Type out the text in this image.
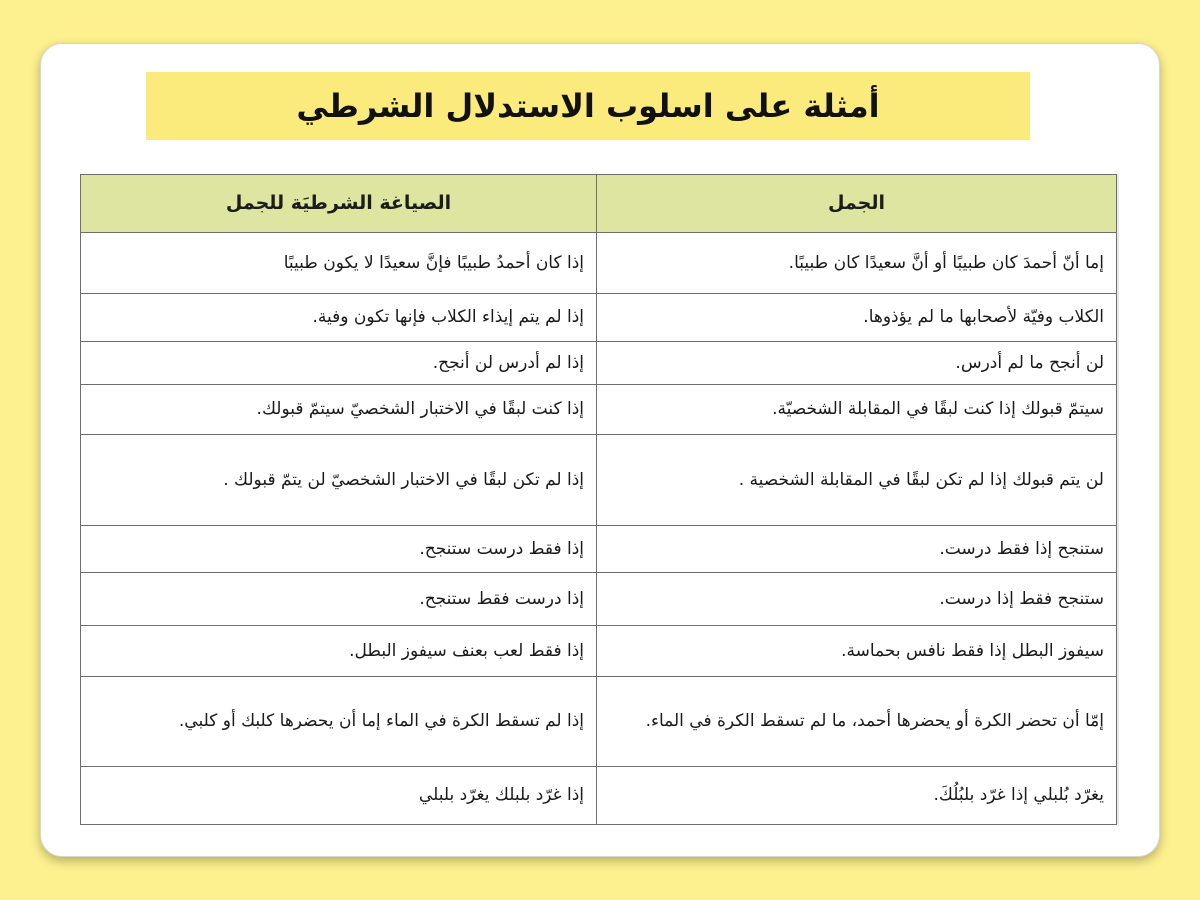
أمثلة على اسلوب الاستدلال الشرطي
الجمل	الصياغة الشرطيَة للجمل
إما أنّ أحمدَ كان طبيبًا أو أنَّ سعيدًا كان طبيبًا.	إذا كان أحمدُ طبيبًا فإنَّ سعيدًا لا يكون طبيبًا
الكلاب وفيّة لأصحابها ما لم يؤذوها.	إذا لم يتم إيذاء الكلاب فإنها تكون وفية.
لن أنجح ما لم أدرس.	إذا لم أدرس لن أنجح.
سيتمّ قبولك إذا كنت لبقًا في المقابلة الشخصيّة.	إذا كنت لبقًا في الاختبار الشخصيّ سيتمّ قبولك.
لن يتم قبولك إذا لم تكن لبقًا في المقابلة الشخصية .	إذا لم تكن لبقًا في الاختبار الشخصيّ لن يتمّ قبولك .
ستنجح إذا فقط درست.	إذا فقط درست ستنجح.
ستنجح فقط إذا درست.	إذا درست فقط ستنجح.
سيفوز البطل إذا فقط نافس بحماسة.	إذا فقط لعب بعنف سيفوز البطل.
إمّا أن تحضر الكرة أو يحضرها أحمد، ما لم تسقط الكرة في الماء.	إذا لم تسقط الكرة في الماء إما أن يحضرها كلبك أو كلبي.
يغرّد بُلبلي إذا غرّد بلبُلُكَ.	إذا غرّد بلبلك يغرّد بلبلي
